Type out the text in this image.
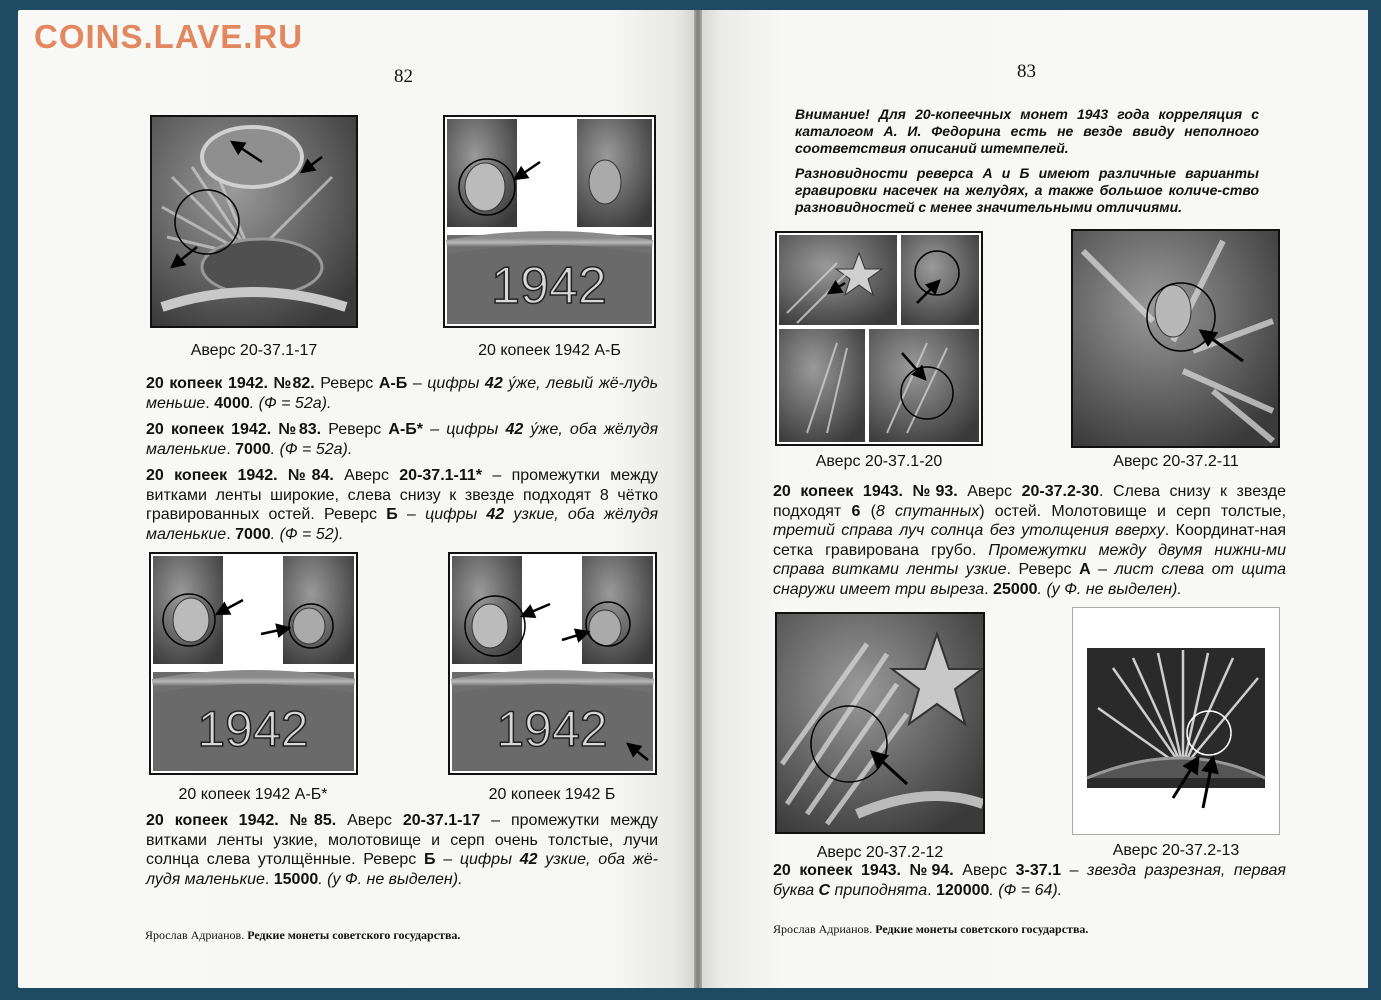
COINS.LAVE.RU
82
Аверс 20-37.1-17
1942
20 копеек 1942 А-Б

20 копеек 1942. №82. Реверс А-Б – цифры 42 у́же, левый жё-лудь меньше. 4000. (Ф = 52а).

20 копеек 1942. №83. Реверс А-Б* – цифры 42 у́же, оба жёлудя маленькие. 7000. (Ф = 52а).

20 копеек 1942. №84. Аверс 20-37.1-11* – промежутки между витками ленты широкие, слева снизу к звезде подходят 8 чётко гравированных остей. Реверс Б – цифры 42 узкие, оба жёлудя маленькие. 7000. (Ф = 52).

1942
20 копеек 1942 А-Б*
1942
20 копеек 1942 Б

20 копеек 1942. №85. Аверс 20-37.1-17 – промежутки между витками ленты узкие, молотовище и серп очень толстые, лучи солнца слева утолщённые. Реверс Б – цифры 42 узкие, оба жё-лудя маленькие. 15000. (у Ф. не выделен).

Ярослав Адрианов. Редкие монеты советского государства.
83

Внимание! Для 20-копеечных монет 1943 года корреляция с каталогом А. И. Федорина есть не везде ввиду неполного соответствия описаний штемпелей.

Разновидности реверса А и Б имеют различные варианты гравировки насечек на желудях, а также большое количе-ство разновидностей с менее значительными отличиями.

Аверс 20-37.1-20	Аверс 20-37.2-11

20 копеек 1943. №93. Аверс 20-37.2-30. Слева снизу к звезде подходят 6 (8 спутанных) остей. Молотовище и серп толстые, третий справа луч солнца без утолщения вверху. Координат-ная сетка гравирована грубо. Промежутки между двумя нижни-ми справа витками ленты узкие. Реверс А – лист слева от щита снаружи имеет три выреза. 25000. (у Ф. не выделен).

Аверс 20-37.2-12	Аверс 20-37.2-13

20 копеек 1943. №94. Аверс 3-37.1 – звезда разрезная, первая буква С приподнята. 120000. (Ф = 64).

Ярослав Адрианов. Редкие монеты советского государства.
